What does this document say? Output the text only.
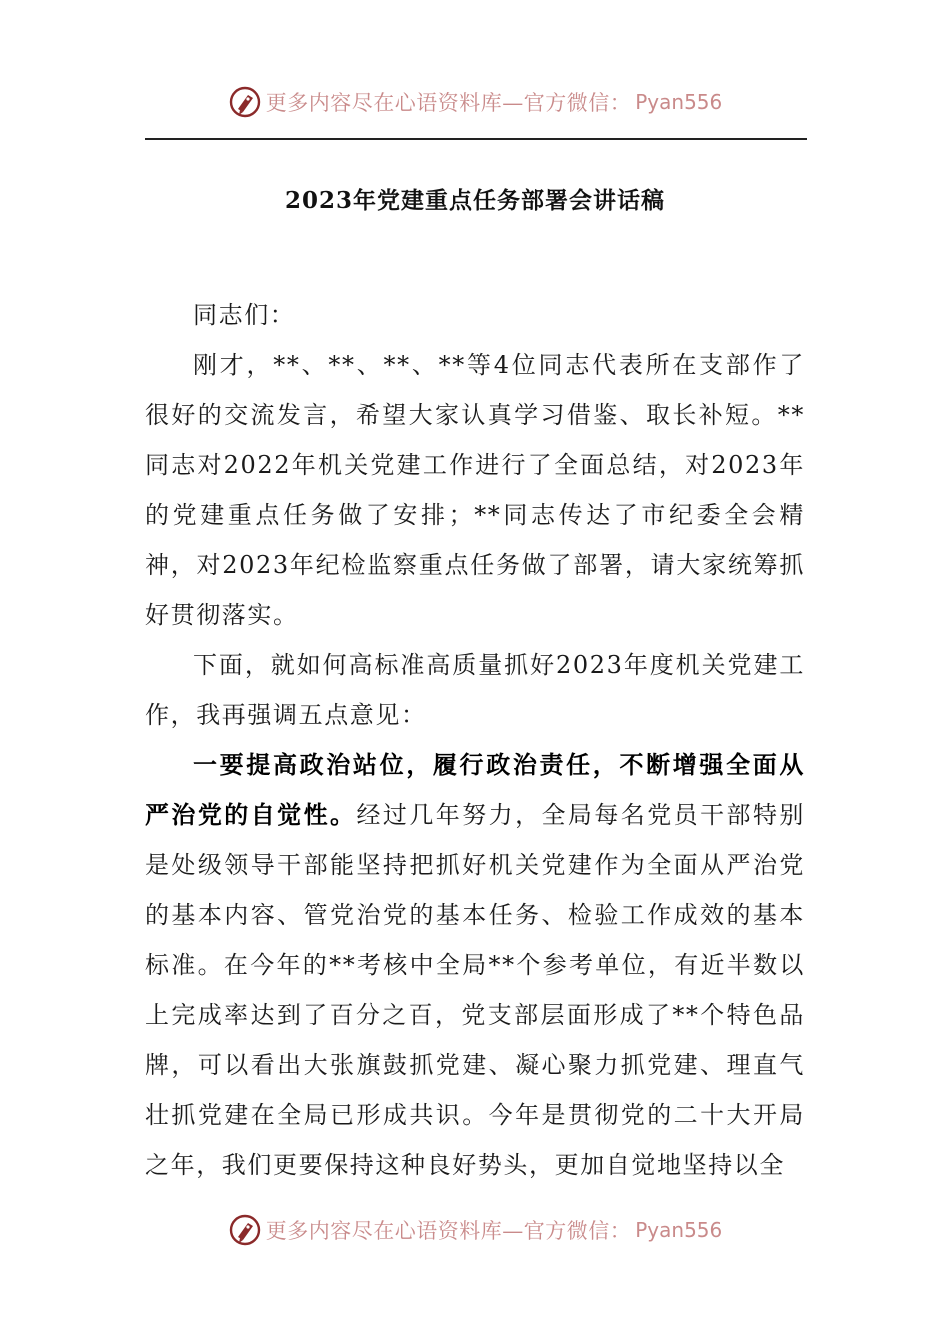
更多内容尽在心语资料库—官方微信： Pyan556
2023年党建重点任务部署会讲话稿

同志们：

刚才，**、**、**、**等4位同志代表所在支部作了很好的交流发言，希望大家认真学习借鉴、取长补短。**同志对2022年机关党建工作进行了全面总结，对2023年的党建重点任务做了安排；**同志传达了市纪委全会精神，对2023年纪检监察重点任务做了部署，请大家统筹抓好贯彻落实。

下面，就如何高标准高质量抓好2023年度机关党建工作，我再强调五点意见：

一要提高政治站位，履行政治责任，不断增强全面从严治党的自觉性。经过几年努力，全局每名党员干部特别是处级领导干部能坚持把抓好机关党建作为全面从严治党的基本内容、管党治党的基本任务、检验工作成效的基本标准。在今年的**考核中全局**个参考单位，有近半数以上完成率达到了百分之百，党支部层面形成了**个特色品牌，可以看出大张旗鼓抓党建、凝心聚力抓党建、理直气壮抓党建在全局已形成共识。今年是贯彻党的二十大开局之年，我们更要保持这种良好势头，更加自觉地坚持以全

更多内容尽在心语资料库—官方微信： Pyan556
